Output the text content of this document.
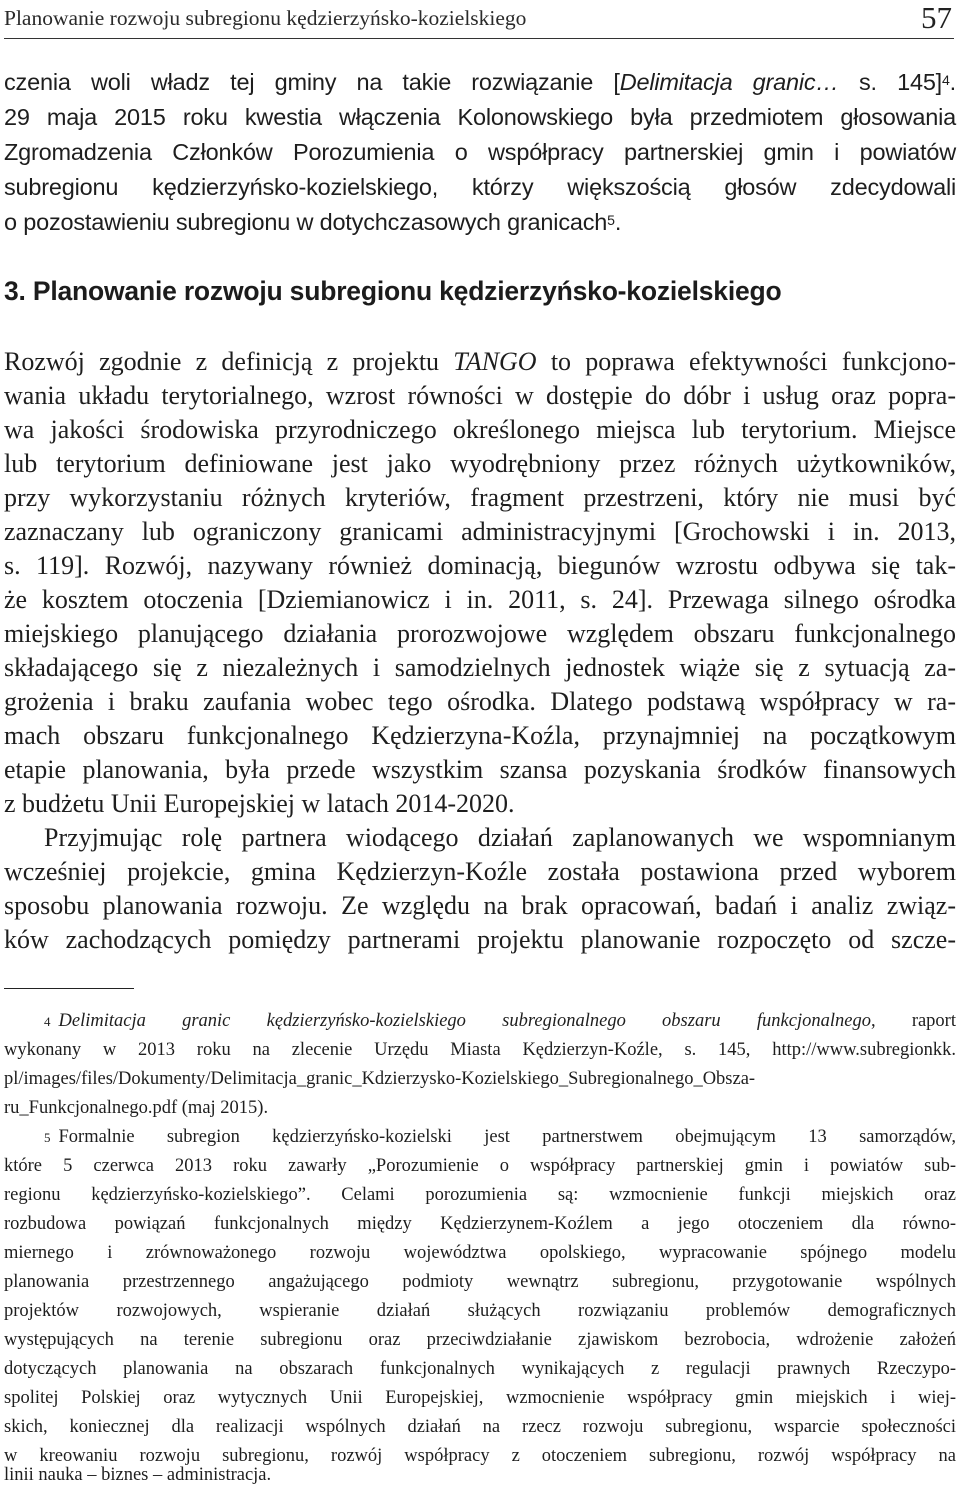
Planowanie rozwoju subregionu kędzierzyńsko-kozielskiego	57
czenia woli władz tej gminy na takie rozwiązanie [Delimitacja granic… s. 145]$^4$.
29 maja 2015 roku kwestia włączenia Kolonowskiego była przedmiotem głosowania
Zgromadzenia Członków Porozumienia o współpracy partnerskiej gmin i powiatów
subregionu kędzierzyńsko-kozielskiego, którzy większością głosów zdecydowali
o pozostawieniu subregionu w dotychczasowych granicach$^5$.
3. Planowanie rozwoju subregionu kędzierzyńsko-kozielskiego
Rozwój zgodnie z definicją z projektu TANGO to poprawa efektywności funkcjono-
wania układu terytorialnego, wzrost równości w dostępie do dóbr i usług oraz popra-
wa jakości środowiska przyrodniczego określonego miejsca lub terytorium. Miejsce
lub terytorium definiowane jest jako wyodrębniony przez różnych użytkowników,
przy wykorzystaniu różnych kryteriów, fragment przestrzeni, który nie musi być
zaznaczany lub ograniczony granicami administracyjnymi [Grochowski i in. 2013,
s. 119]. Rozwój, nazywany również dominacją, biegunów wzrostu odbywa się tak-
że kosztem otoczenia [Dziemianowicz i in. 2011, s. 24]. Przewaga silnego ośrodka
miejskiego planującego działania prorozwojowe względem obszaru funkcjonalnego
składającego się z niezależnych i samodzielnych jednostek wiąże się z sytuacją za-
grożenia i braku zaufania wobec tego ośrodka. Dlatego podstawą współpracy w ra-
mach obszaru funkcjonalnego Kędzierzyna-Koźla, przynajmniej na początkowym
etapie planowania, była przede wszystkim szansa pozyskania środków finansowych
z budżetu Unii Europejskiej w latach 2014-2020.
Przyjmując rolę partnera wiodącego działań zaplanowanych we wspomnianym
wcześniej projekcie, gmina Kędzierzyn-Koźle została postawiona przed wyborem
sposobu planowania rozwoju. Ze względu na brak opracowań, badań i analiz związ-
ków zachodzących pomiędzy partnerami projektu planowanie rozpoczęto od szcze-
$^4$ Delimitacja granic kędzierzyńsko-kozielskiego subregionalnego obszaru funkcjonalnego, raport
wykonany w 2013 roku na zlecenie Urzędu Miasta Kędzierzyn-Koźle, s. 145, http://www.subregionkk.
pl/images/files/Dokumenty/Delimitacja_granic_Kdzierzysko-Kozielskiego_Subregionalnego_Obsza-
ru_Funkcjonalnego.pdf (maj 2015).
$^5$ Formalnie subregion kędzierzyńsko-kozielski jest partnerstwem obejmującym 13 samorządów,
które 5 czerwca 2013 roku zawarły „Porozumienie o współpracy partnerskiej gmin i powiatów sub-
regionu kędzierzyńsko-kozielskiego”. Celami porozumienia są: wzmocnienie funkcji miejskich oraz
rozbudowa powiązań funkcjonalnych między Kędzierzynem-Koźlem a jego otoczeniem dla równo-
miernego i zrównoważonego rozwoju województwa opolskiego, wypracowanie spójnego modelu
planowania przestrzennego angażującego podmioty wewnątrz subregionu, przygotowanie wspólnych
projektów rozwojowych, wspieranie działań służących rozwiązaniu problemów demograficznych
występujących na terenie subregionu oraz przeciwdziałanie zjawiskom bezrobocia, wdrożenie założeń
dotyczących planowania na obszarach funkcjonalnych wynikających z regulacji prawnych Rzeczypo-
spolitej Polskiej oraz wytycznych Unii Europejskiej, wzmocnienie współpracy gmin miejskich i wiej-
skich, koniecznej dla realizacji wspólnych działań na rzecz rozwoju subregionu, wsparcie społeczności
w kreowaniu rozwoju subregionu, rozwój współpracy z otoczeniem subregionu, rozwój współpracy na
linii nauka – biznes – administracja.
